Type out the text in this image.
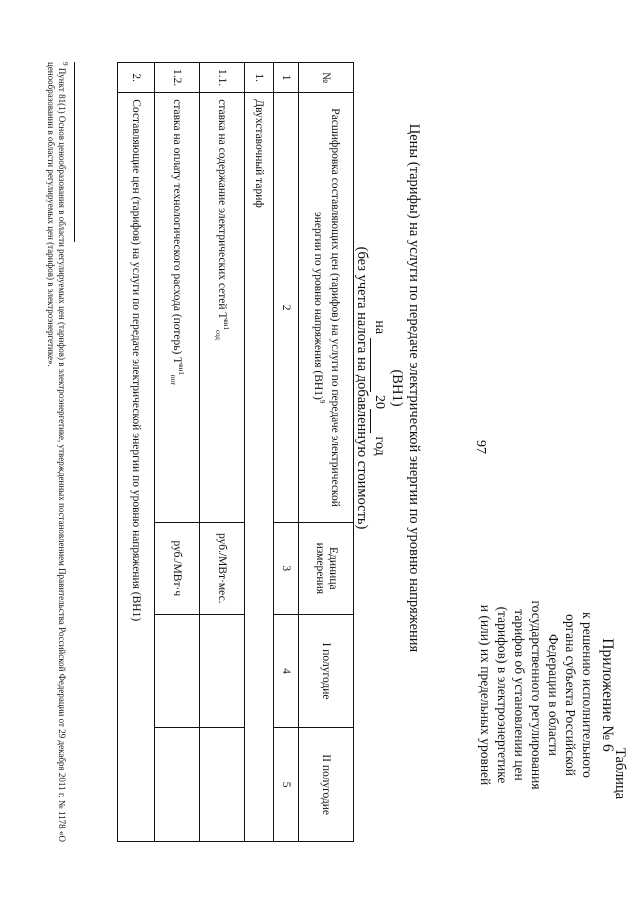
97
Приложение № 6
к решению исполнительного
органа субъекта Российской
Федерации в области
государственного регулирования
тарифов об установлении цен
(тарифов) в электроэнергетике
и (или) их предельных уровней	Таблица
Цены (тарифы) на услуги по передаче электрической энергии по уровню напряжения (ВН1)
на   20  год
(без учета налога на добавленную стоимость)
№	Расшифровка составляющих цен (тарифов) на услуги по передаче электрической энергии по уровню напряжения $(ВН1)^9$	Единица измерения	I полугодие	II полугодие
1	2	3	4	5
1.	Двухставочный тариф			
1.1.	ставка на содержание электрических сетей $Т^{вн1}_{сод}$	руб./МВт·мес.		
1.2.	ставка на оплату технологического расхода (потерь) $Т^{вн1}_{пот}$	руб./МВт·ч		
2.	Составляющие цен (тарифов) на услуги по передаче электрической энергии по уровню напряжения (ВН1)			
$^9$ Пункт 81(1) Основ ценообразования в области регулируемых цен (тарифов) в электроэнергетике, утвержденных постановлением Правительства Российской Федерации от 29 декабря 2011 г. № 1178 «О ценообразовании в области регулируемых цен (тарифов) в электроэнергетике».
